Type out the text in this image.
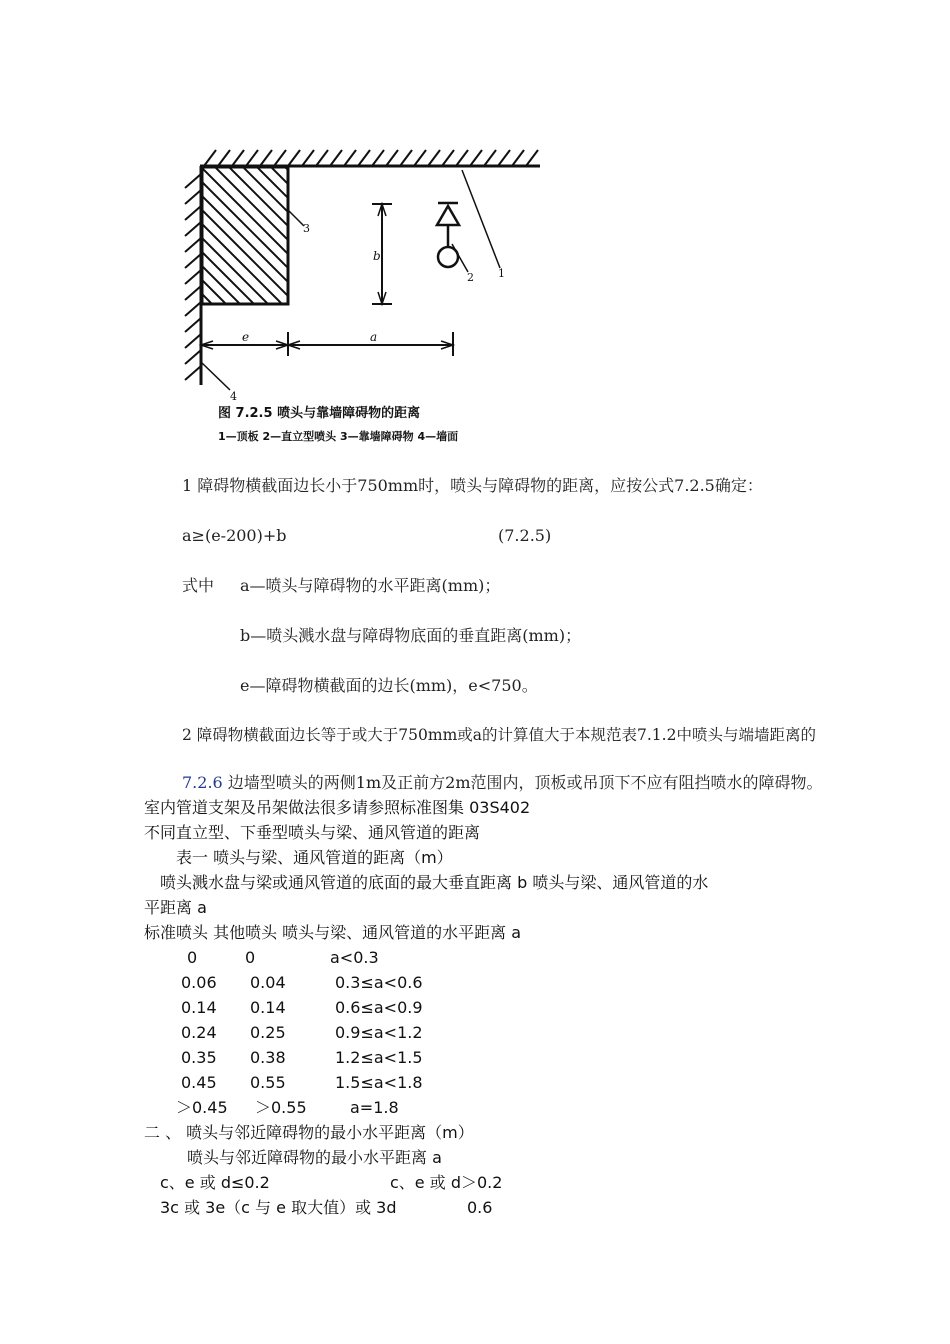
b
3
2 1
e	a
4
图 7.2.5 喷头与靠墙障碍物的距离
1—顶板 2—直立型喷头 3—靠墙障碍物 4—墙面
1 障碍物横截面边长小于750mm时，喷头与障碍物的距离，应按公式7.2.5确定：
a≥(e-200)+b	(7.2.5)
式中 a—喷头与障碍物的水平距离(mm)；
b—喷头溅水盘与障碍物底面的垂直距离(mm)；
e—障碍物横截面的边长(mm)，e<750。
2 障碍物横截面边长等于或大于750mm或a的计算值大于本规范表7.1.2中喷头与端墙距离的
7.2.6 边墙型喷头的两侧1m及正前方2m范围内，顶板或吊顶下不应有阻挡喷水的障碍物。
室内管道支架及吊架做法很多请参照标准图集 03S402
不同直立型、下垂型喷头与梁、通风管道的距离
表一 喷头与梁、通风管道的距离（m）
喷头溅水盘与梁或通风管道的底面的最大垂直距离 b 喷头与梁、通风管道的水
平距离 a
标准喷头 其他喷头 喷头与梁、通风管道的水平距离 a
0	0	a<0.3
0.06 0.04	0.3≤a<0.6
0.14 0.14	0.6≤a<0.9
0.24 0.25	0.9≤a<1.2
0.35 0.38	1.2≤a<1.5
0.45 0.55	1.5≤a<1.8
＞0.45 ＞0.55	a=1.8
二 、 喷头与邻近障碍物的最小水平距离（m）
喷头与邻近障碍物的最小水平距离 a
c、e 或 d≤0.2	c、e 或 d＞0.2
3c 或 3e（c 与 e 取大值）或 3d	0.6
